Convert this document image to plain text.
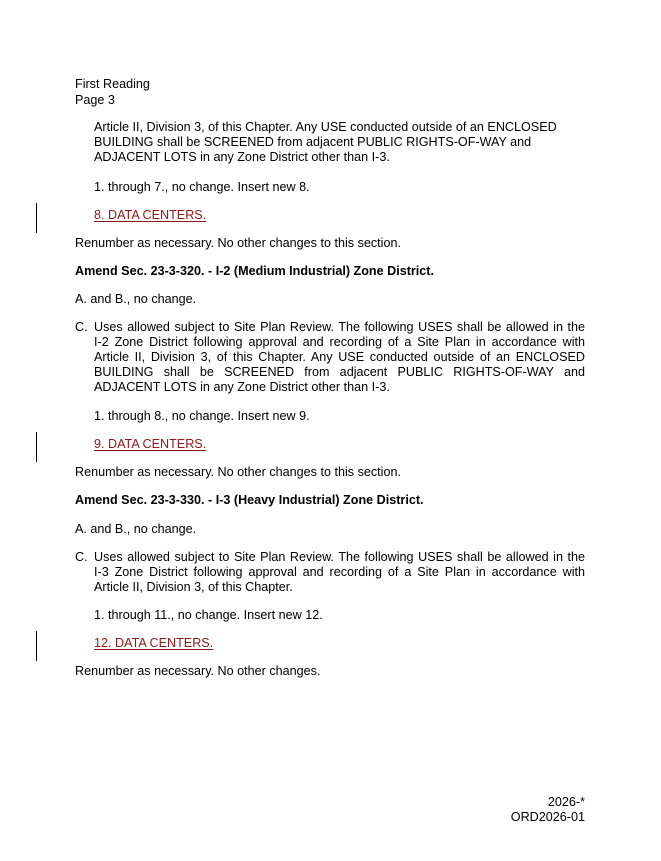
First Reading
Page 3
Article II, Division 3, of this Chapter. Any USE conducted outside of an ENCLOSED
BUILDING shall be SCREENED from adjacent PUBLIC RIGHTS-OF-WAY and
ADJACENT LOTS in any Zone District other than I-3.
1. through 7., no change. Insert new 8.
8. DATA CENTERS.
Renumber as necessary. No other changes to this section.
Amend Sec. 23-3-320. - I-2 (Medium Industrial) Zone District.
A. and B., no change.
C. Uses allowed subject to Site Plan Review. The following USES shall be allowed in the
I-2 Zone District following approval and recording of a Site Plan in accordance with
Article II, Division 3, of this Chapter. Any USE conducted outside of an ENCLOSED
BUILDING shall be SCREENED from adjacent PUBLIC RIGHTS-OF-WAY and
ADJACENT LOTS in any Zone District other than I-3.
1. through 8., no change. Insert new 9.
9. DATA CENTERS.
Renumber as necessary. No other changes to this section.
Amend Sec. 23-3-330. - I-3 (Heavy Industrial) Zone District.
A. and B., no change.
C. Uses allowed subject to Site Plan Review. The following USES shall be allowed in the
I-3 Zone District following approval and recording of a Site Plan in accordance with
Article II, Division 3, of this Chapter.
1. through 11., no change. Insert new 12.
12. DATA CENTERS.
Renumber as necessary. No other changes.
2026-*
ORD2026-01
